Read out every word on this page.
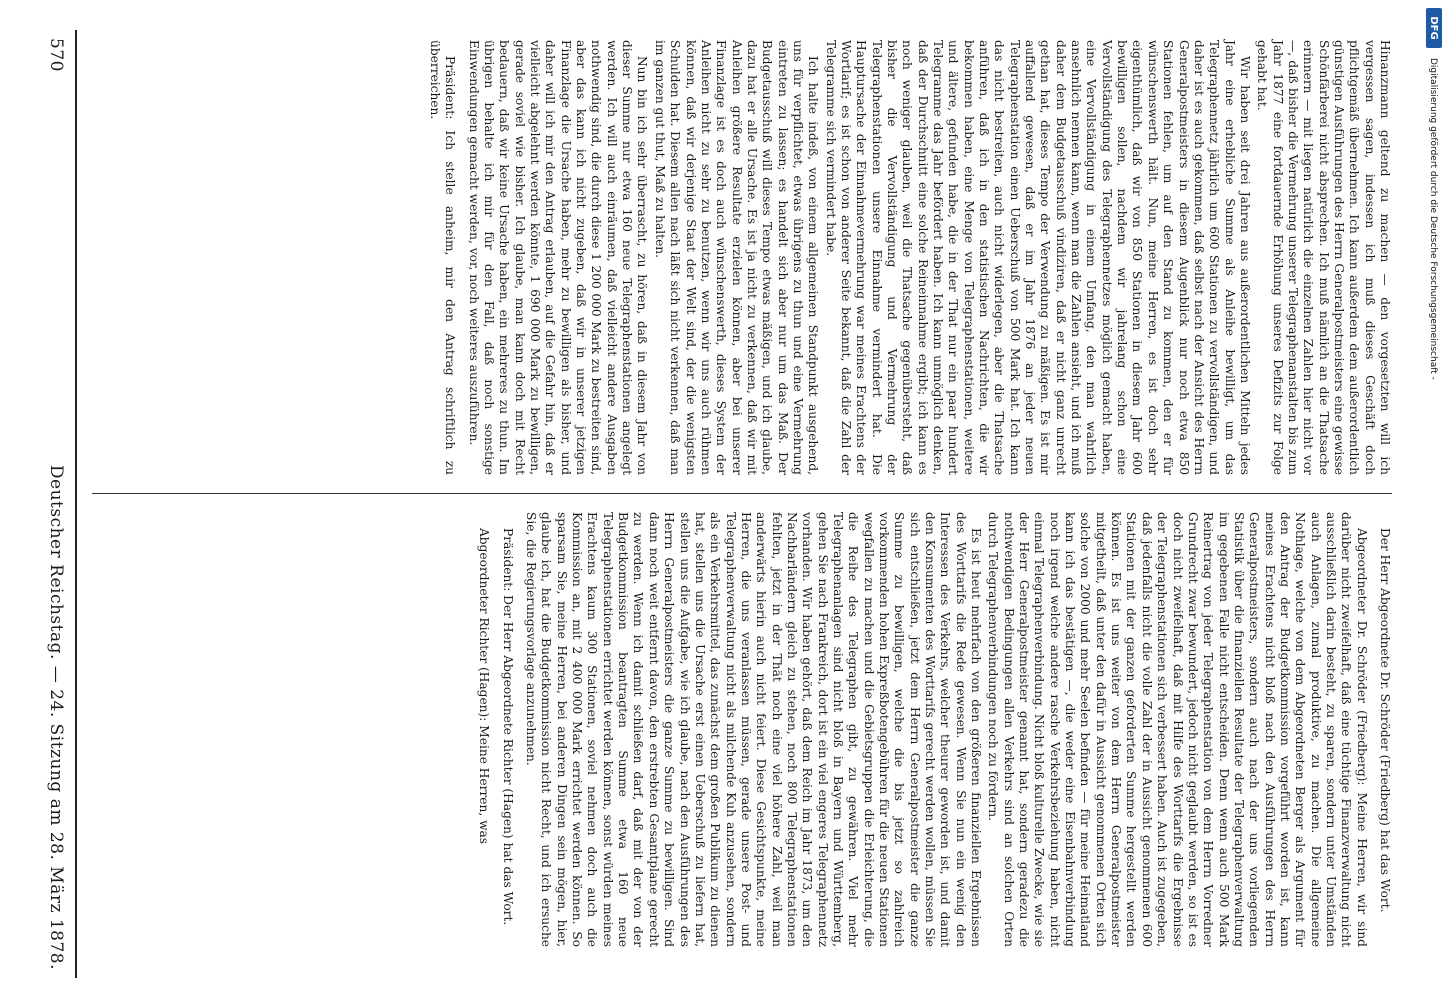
DFG
Digitalisierung gefördert durch die Deutsche Forschungsgemeinschaft -

Hinanzmann geltend zu machen — den vorgesetzten will ich vergessen sagen, indessen ich muß dieses Geschäft doch pflichtgemäß übernehmen. Ich kann außerdem dem außerordentlich günstigen Ausführungen des Herrn Generalpostmeisters eine gewisse Schönfärberei nicht absprechen. Ich muß nämlich an die Thatsache erinnern — mit liegen natürlich die einzelnen Zahlen hier nicht vor —, daß bisher die Vermehrung unserer Telegraphenanstalten bis zum Jahr 1877 eine fortdauernde Erhöhung unseres Defizits zur Folge gehabt hat.

Wir haben seit drei Jahren aus außerordentlichen Mitteln jedes Jahr eine erhebliche Summe als Anleihe bewilligt, um das Telegraphennetz jährlich um 600 Stationen zu vervollständigen, und daher ist es auch gekommen, daß selbst nach der Ansicht des Herrn Generalpostmeisters in diesem Augenblick nur noch etwa 850 Stationen fehlen, um auf den Stand zu kommen, den er für wünschenswerth hält. Nun, meine Herren, es ist doch sehr eigenthümlich, daß wir von 850 Stationen in diesem Jahr 600 bewilligen sollen, nachdem wir jahrelang schon eine Vervollständigung des Telegraphennetzes möglich gemacht haben, eine Vervollständigung in einem Umfang, den man wahrlich ansehnlich nennen kann, wenn man die Zahlen ansieht, und ich muß daher dem Budgetausschuß vindiziren, daß er nicht ganz unrecht gethan hat, dieses Tempo der Verwendung zu mäßigen. Es ist mir auffallend gewesen, daß er im Jahr 1876 an jeder neuen Telegraphenstation einen Ueberschuß von 500 Mark hat. Ich kann das nicht bestreiten, auch nicht widerlegen, aber die Thatsache anführen, daß ich in den statistischen Nachrichten, die wir bekommen haben, eine Menge von Telegraphenstationen, weitere und ältere, gefunden habe, die in der That nur ein paar hundert Telegramme das Jahr befördert haben. Ich kann unmöglich denken, daß der Durchschnitt eine solche Reineinnahme ergibt; ich kann es noch weniger glauben, weil die Thatsache gegenübersteht, daß bisher die Vervollständigung und Vermehrung der Telegraphenstationen unsere Einnahme vermindert hat. Die Hauptursache der Einnahmevermehrung war meines Erachtens der Wortlarif; es ist schon von anderer Seite bekannt, daß die Zahl der Telegramme sich vermindert habe.

Ich halte indeß, von einem allgemeinen Standpunkt ausgehend, uns für verpflichtet, etwas übrigens zu thun und eine Vermehrung eintreten zu lassen; es handelt sich aber nur um das Maß. Der Budgetausschuß will dieses Tempo etwas mäßigen, und ich glaube, dazu hat er alle Ursache. Es ist ja nicht zu verkennen, daß wir mit Anleihen größere Resultate erzielen können, aber bei unserer Finanzlage ist es doch auch wünschenswerth, dieses System der Anleihen nicht zu sehr zu benutzen, wenn wir uns auch rühmen können, daß wir derjenige Staat der Welt sind, der die wenigsten Schulden hat. Diesem allen nach läßt sich nicht verkennen, daß man im ganzen gut thut, Maß zu halten.

Nun bin ich sehr überrascht, zu hören, daß in diesem Jahr von dieser Summe nur etwa 160 neue Telegraphenstationen angelegt werden. Ich will auch einräumen, daß vielleicht andere Ausgaben nothwendig sind, die durch diese 1 200 000 Mark zu bestreiten sind, aber das kann ich nicht zugeben, daß wir in unserer jetzigen Finanzlage die Ursache haben, mehr zu bewilligen als bisher, und daher will ich mir den Antrag erlauben, auf die Gefahr hin, daß er vielleicht abgelehnt werden könnte, 1 690 000 Mark zu bewilligen, gerade soviel wie bisher. Ich glaube, man kann doch mit Recht bedauern, daß wir keine Ursache haben, ein mehreres zu thun. Im übrigen behalte ich mir für den Fall, daß noch sonstige Einwendungen gemacht werden, vor, noch weiteres auszuführen.

Präsident: Ich stelle anheim, mir den Antrag schriftlich zu überreichen.

Der Herr Abgeordnete Dr. Schröder (Friedberg) hat das Wort.

Abgeordneter Dr. Schröder (Friedberg): Meine Herren, wir sind darüber nicht zweifelhaft, daß eine tüchtige Finanzverwaltung nicht ausschließlich darin besteht, zu sparen, sondern unter Umständen auch Anlagen, zumal produktive, zu machen. Die allgemeine Nothlage, welche von dem Abgeordneten Berger als Argument für den Antrag der Budgetkommission vorgeführt worden ist, kann meines Erachtens nicht bloß nach den Ausführungen des Herrn Generalpostmeisters, sondern auch nach der uns vorliegenden Statistik über die finanziellen Resultate der Telegraphenverwaltung im gegebenen Falle nicht entscheiden. Denn wenn auch 500 Mark Reinertrag von jeder Telegraphenstation von dem Herrn Vorredner Grundrecht zwar bewundert, jedoch nicht geglaubt werden, so ist es doch nicht zweifelhaft, daß mit Hilfe des Worttarifs die Ergebnisse der Telegraphenstationen sich verbessert haben. Auch ist zugegeben, daß jedenfalls nicht die volle Zahl der in Aussicht genommenen 600 Stationen mit der ganzen geforderten Summe hergestellt werden können. Es ist uns weiter von dem Herrn Generalpostmeister mitgetheilt, daß unter den dafür in Aussicht genommenen Orten sich solche von 2000 und mehr Seelen befinden — für meine Heimatland kann ich das bestätigen —, die weder eine Eisenbahnverbindung noch irgend welche andere rasche Verkehrsbeziehung haben, nicht einmal Telegraphenverbindung. Nicht bloß kulturelle Zwecke, wie sie der Herr Generalpostmeister genannt hat, sondern geradezu die nothwendigen Bedingungen allen Verkehrs sind an solchen Orten durch Telegraphenverbindungen noch zu fördern.

Es ist heut mehrfach von den größeren finanziellen Ergebnissen des Worttarifs die Rede gewesen. Wenn Sie nun ein wenig den Interessen des Verkehrs, welcher theurer geworden ist, und damit den Konsumenten des Worttarifs gerecht werden wollen, müssen Sie sich entschließen, jetzt dem Herrn Generalpostmeister die ganze Summe zu bewilligen, welche die bis jetzt so zahlreich vorkommenden hohen Expreßbotengebühren für die neuen Stationen wegfallen zu machen und die Gebietsgruppen die Erleichterung, die die Reihe des Telegraphen gibt, zu gewähren. Viel mehr Telegraphenanlagen sind nicht bloß in Bayern und Württemberg, gehen Sie nach Frankreich, dort ist ein viel engeres Telegraphennetz vorhanden. Wir haben gehört, daß dem Reich im Jahr 1873, um den Nachbarländern gleich zu stehen, noch 800 Telegraphenstationen fehlten, jetzt in der Thät noch eine viel höhere Zahl, weil man anderwärts hierin auch nicht feiert. Diese Gesichtspunkte, meine Herren, die uns veranlassen müssen, gerade unsere Post- und Telegraphenverwaltung nicht als milchende Kuh anzusehen, sondern als ein Verkehrsmittel, das zunächst dem großen Publikum zu dienen hat, stellen uns die Ursache erst einen Ueberschuß zu liefern hat, stellen uns die Aufgabe, wie ich glaube, nach den Ausführungen des Herrn Generalpostmeisters die ganze Summe zu bewilligen. Sind dann noch weit entfernt davon, den erstrebten Gesamtplane gerecht zu werden. Wenn ich damit schließen darf, daß mit der von der Budgetkommission beantragten Summe etwa 160 neue Telegraphenstationen errichtet werden können, sonst würden meines Erachtens kaum 300 Stationen, soviel nehmen doch auch die Kommission an, mit 2 400 000 Mark errichtet werden können. So sparsam Sie, meine Herren, bei anderen Dingen sein mögen, hier, glaube ich, hat die Budgetkommission nicht Recht, und ich ersuche Sie, die Regierungsvorlage anzunehmen.

Präsident: Der Herr Abgeordnete Richter (Hagen) hat das Wort.

Abgeordneter Richter (Hagen): Meine Herren, was

570
Deutscher Reichstag. — 24. Sitzung am 28. März 1878.
